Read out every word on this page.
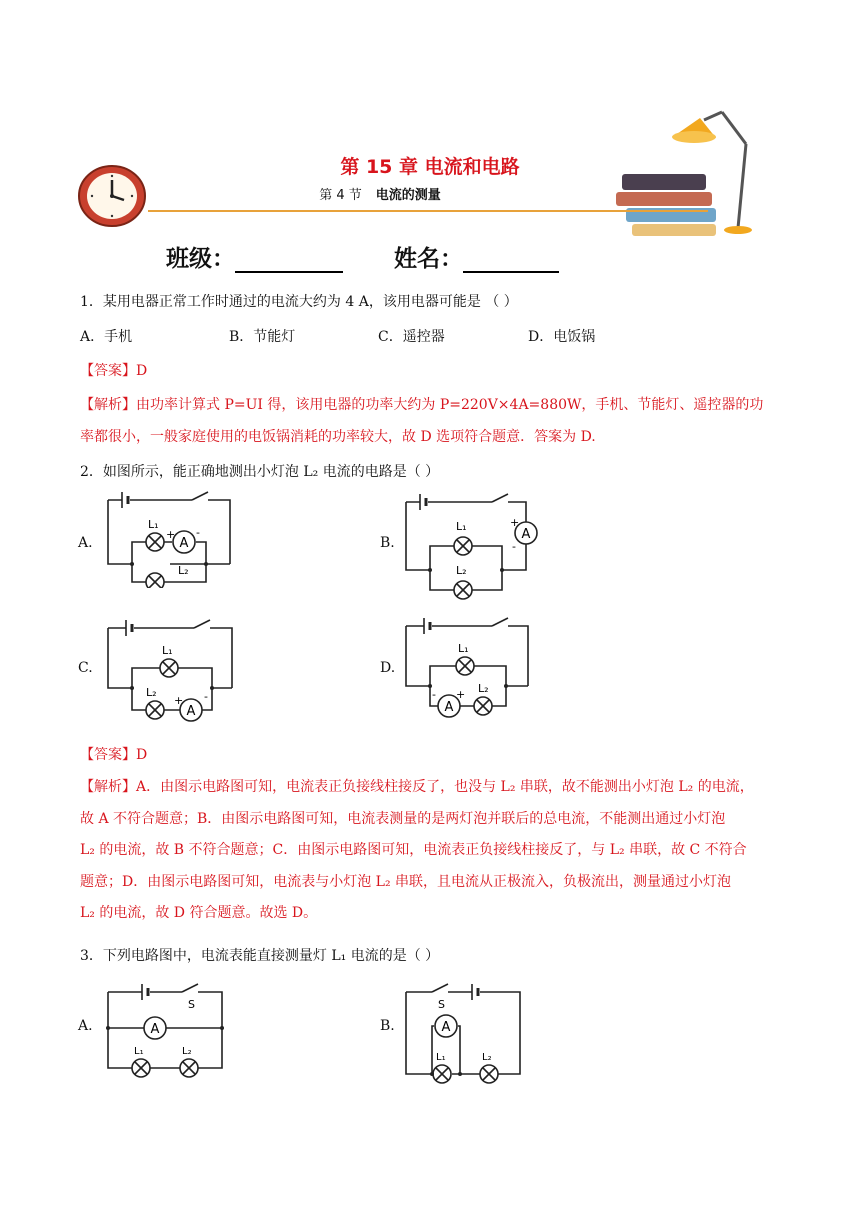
第 15 章 电流和电路
第 4 节 电流的测量
班级：	姓名：
1．某用电器正常工作时通过的电流大约为 4 A，该用电器可能是 （ ）
A．手机	B．节能灯	C．遥控器	D．电饭锅
【答案】D
【解析】由功率计算式 P=UI 得，该用电器的功率大约为 P=220V×4A=880W，手机、节能灯、遥控器的功
率都很小，一般家庭使用的电饭锅消耗的功率较大，故 D 选项符合题意．答案为 D.
2．如图所示，能正确地测出小灯泡 L₂ 电流的电路是（ ）
A.	A
L₁
L₂
+ -
B.
A
L₁
L₂
+
-
C.
A
L₁
L₂
+ -
D.
A
L₁
L₂
- +
【答案】D
【解析】A．由图示电路图可知，电流表正负接线柱接反了，也没与 L₂ 串联，故不能测出小灯泡 L₂ 的电流，
故 A 不符合题意；B．由图示电路图可知，电流表测量的是两灯泡并联后的总电流，不能测出通过小灯泡
L₂ 的电流，故 B 不符合题意；C．由图示电路图可知，电流表正负接线柱接反了，与 L₂ 串联，故 C 不符合
题意；D．由图示电路图可知，电流表与小灯泡 L₂ 串联，且电流从正极流入，负极流出，测量通过小灯泡
L₂ 的电流，故 D 符合题意。故选 D。
3．下列电路图中，电流表能直接测量灯 L₁ 电流的是（ ）
A.	A
S
L₁	L₂
B.	A
S
L₁	L₂
